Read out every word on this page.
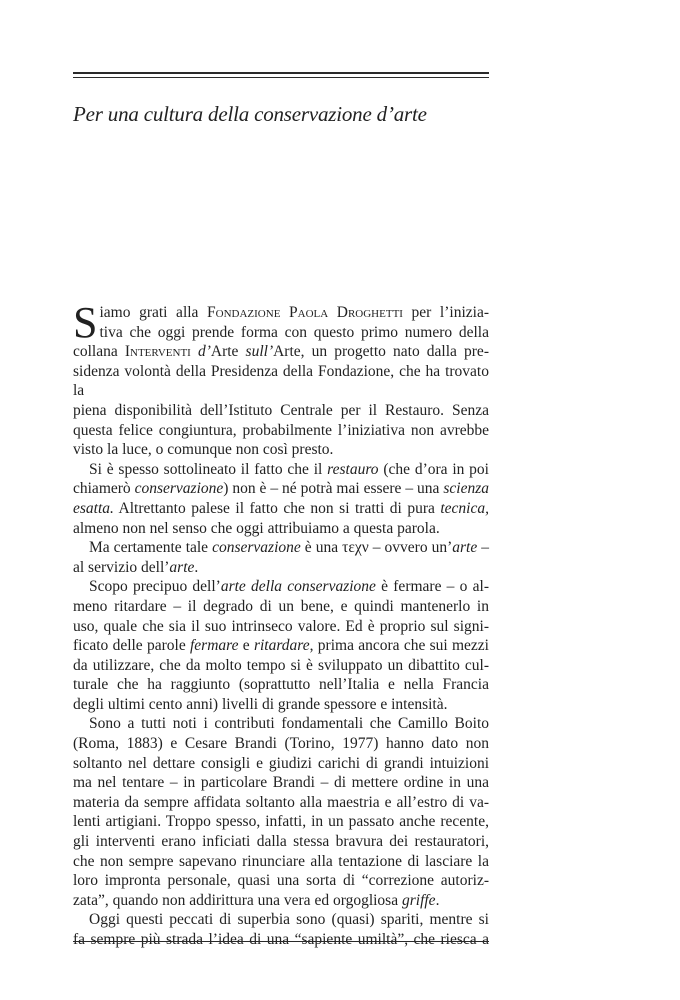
Per una cultura della conservazione d’arte
S iamo grati alla Fondazione Paola Droghetti per l’inizia-
tiva che oggi prende forma con questo primo numero della
collana Interventi d’Arte sull’Arte, un progetto nato dalla pre-
sidenza volontà della Presidenza della Fondazione, che ha trovato la
piena disponibilità dell’Istituto Centrale per il Restauro. Senza
questa felice congiuntura, probabilmente l’iniziativa non avrebbe
visto la luce, o comunque non così presto.
Si è spesso sottolineato il fatto che il restauro (che d’ora in poi
chiamerò conservazione) non è – né potrà mai essere – una scienza
esatta. Altrettanto palese il fatto che non si tratti di pura tecnica,
almeno non nel senso che oggi attribuiamo a questa parola.
Ma certamente tale conservazione è una τεχν – ovvero un’arte –
al servizio dell’arte.
Scopo precipuo dell’arte della conservazione è fermare – o al-
meno ritardare – il degrado di un bene, e quindi mantenerlo in
uso, quale che sia il suo intrinseco valore. Ed è proprio sul signi-
ficato delle parole fermare e ritardare, prima ancora che sui mezzi
da utilizzare, che da molto tempo si è sviluppato un dibattito cul-
turale che ha raggiunto (soprattutto nell’Italia e nella Francia
degli ultimi cento anni) livelli di grande spessore e intensità.
Sono a tutti noti i contributi fondamentali che Camillo Boito
(Roma, 1883) e Cesare Brandi (Torino, 1977) hanno dato non
soltanto nel dettare consigli e giudizi carichi di grandi intuizioni
ma nel tentare – in particolare Brandi – di mettere ordine in una
materia da sempre affidata soltanto alla maestria e all’estro di va-
lenti artigiani. Troppo spesso, infatti, in un passato anche recente,
gli interventi erano inficiati dalla stessa bravura dei restauratori,
che non sempre sapevano rinunciare alla tentazione di lasciare la
loro impronta personale, quasi una sorta di “correzione autoriz-
zata”, quando non addirittura una vera ed orgogliosa griffe.
Oggi questi peccati di superbia sono (quasi) spariti, mentre si
fa sempre più strada l’idea di una “sapiente umiltà”, che riesca a
